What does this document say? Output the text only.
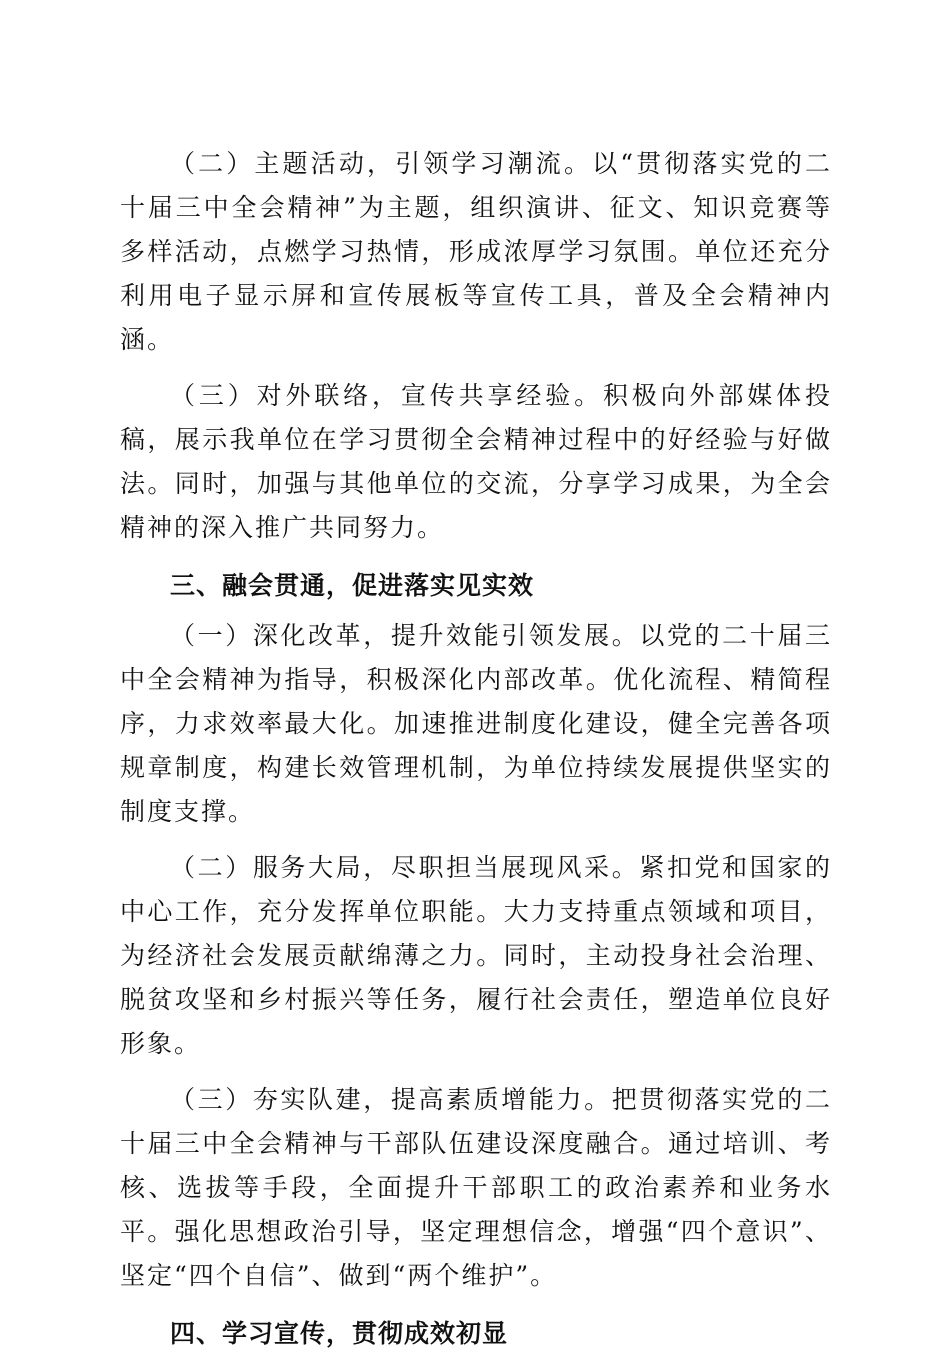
（二）主题活动，引领学习潮流。以“贯彻落实党的二十届三中全会精神”为主题，组织演讲、征文、知识竞赛等多样活动，点燃学习热情，形成浓厚学习氛围。单位还充分利用电子显示屏和宣传展板等宣传工具，普及全会精神内涵。

（三）对外联络，宣传共享经验。积极向外部媒体投稿，展示我单位在学习贯彻全会精神过程中的好经验与好做法。同时，加强与其他单位的交流，分享学习成果，为全会精神的深入推广共同努力。

三、融会贯通，促进落实见实效

（一）深化改革，提升效能引领发展。以党的二十届三中全会精神为指导，积极深化内部改革。优化流程、精简程序，力求效率最大化。加速推进制度化建设，健全完善各项规章制度，构建长效管理机制，为单位持续发展提供坚实的制度支撑。

（二）服务大局，尽职担当展现风采。紧扣党和国家的中心工作，充分发挥单位职能。大力支持重点领域和项目，为经济社会发展贡献绵薄之力。同时，主动投身社会治理、脱贫攻坚和乡村振兴等任务，履行社会责任，塑造单位良好形象。

（三）夯实队建，提高素质增能力。把贯彻落实党的二十届三中全会精神与干部队伍建设深度融合。通过培训、考核、选拔等手段，全面提升干部职工的政治素养和业务水平。强化思想政治引导，坚定理想信念，增强“四个意识”、坚定“四个自信”、做到“两个维护”。

四、学习宣传，贯彻成效初显
